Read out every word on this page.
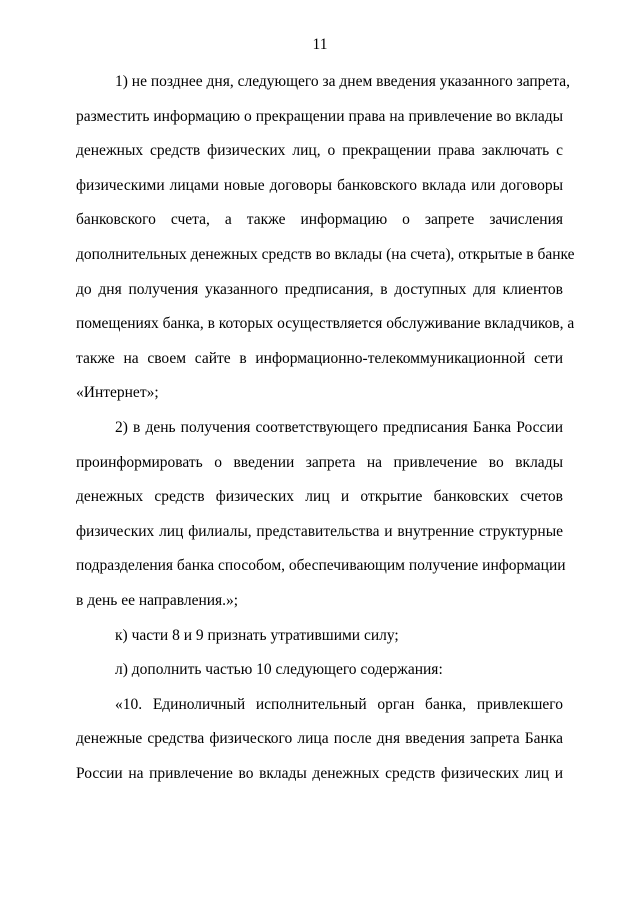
11
1) не позднее дня, следующего за днем введения указанного запрета,
разместить информацию о прекращении права на привлечение во вклады
денежных средств физических лиц, о прекращении права заключать с
физическими лицами новые договоры банковского вклада или договоры
банковского счета, а также информацию о запрете зачисления
дополнительных денежных средств во вклады (на счета), открытые в банке
до дня получения указанного предписания, в доступных для клиентов
помещениях банка, в которых осуществляется обслуживание вкладчиков, а
также на своем сайте в информационно-телекоммуникационной сети
«Интернет»;
2) в день получения соответствующего предписания Банка России
проинформировать о введении запрета на привлечение во вклады
денежных средств физических лиц и открытие банковских счетов
физических лиц филиалы, представительства и внутренние структурные
подразделения банка способом, обеспечивающим получение информации
в день ее направления.»;
к) части 8 и 9 признать утратившими силу;
л) дополнить частью 10 следующего содержания:
«10. Единоличный исполнительный орган банка, привлекшего
денежные средства физического лица после дня введения запрета Банка
России на привлечение во вклады денежных средств физических лиц и
